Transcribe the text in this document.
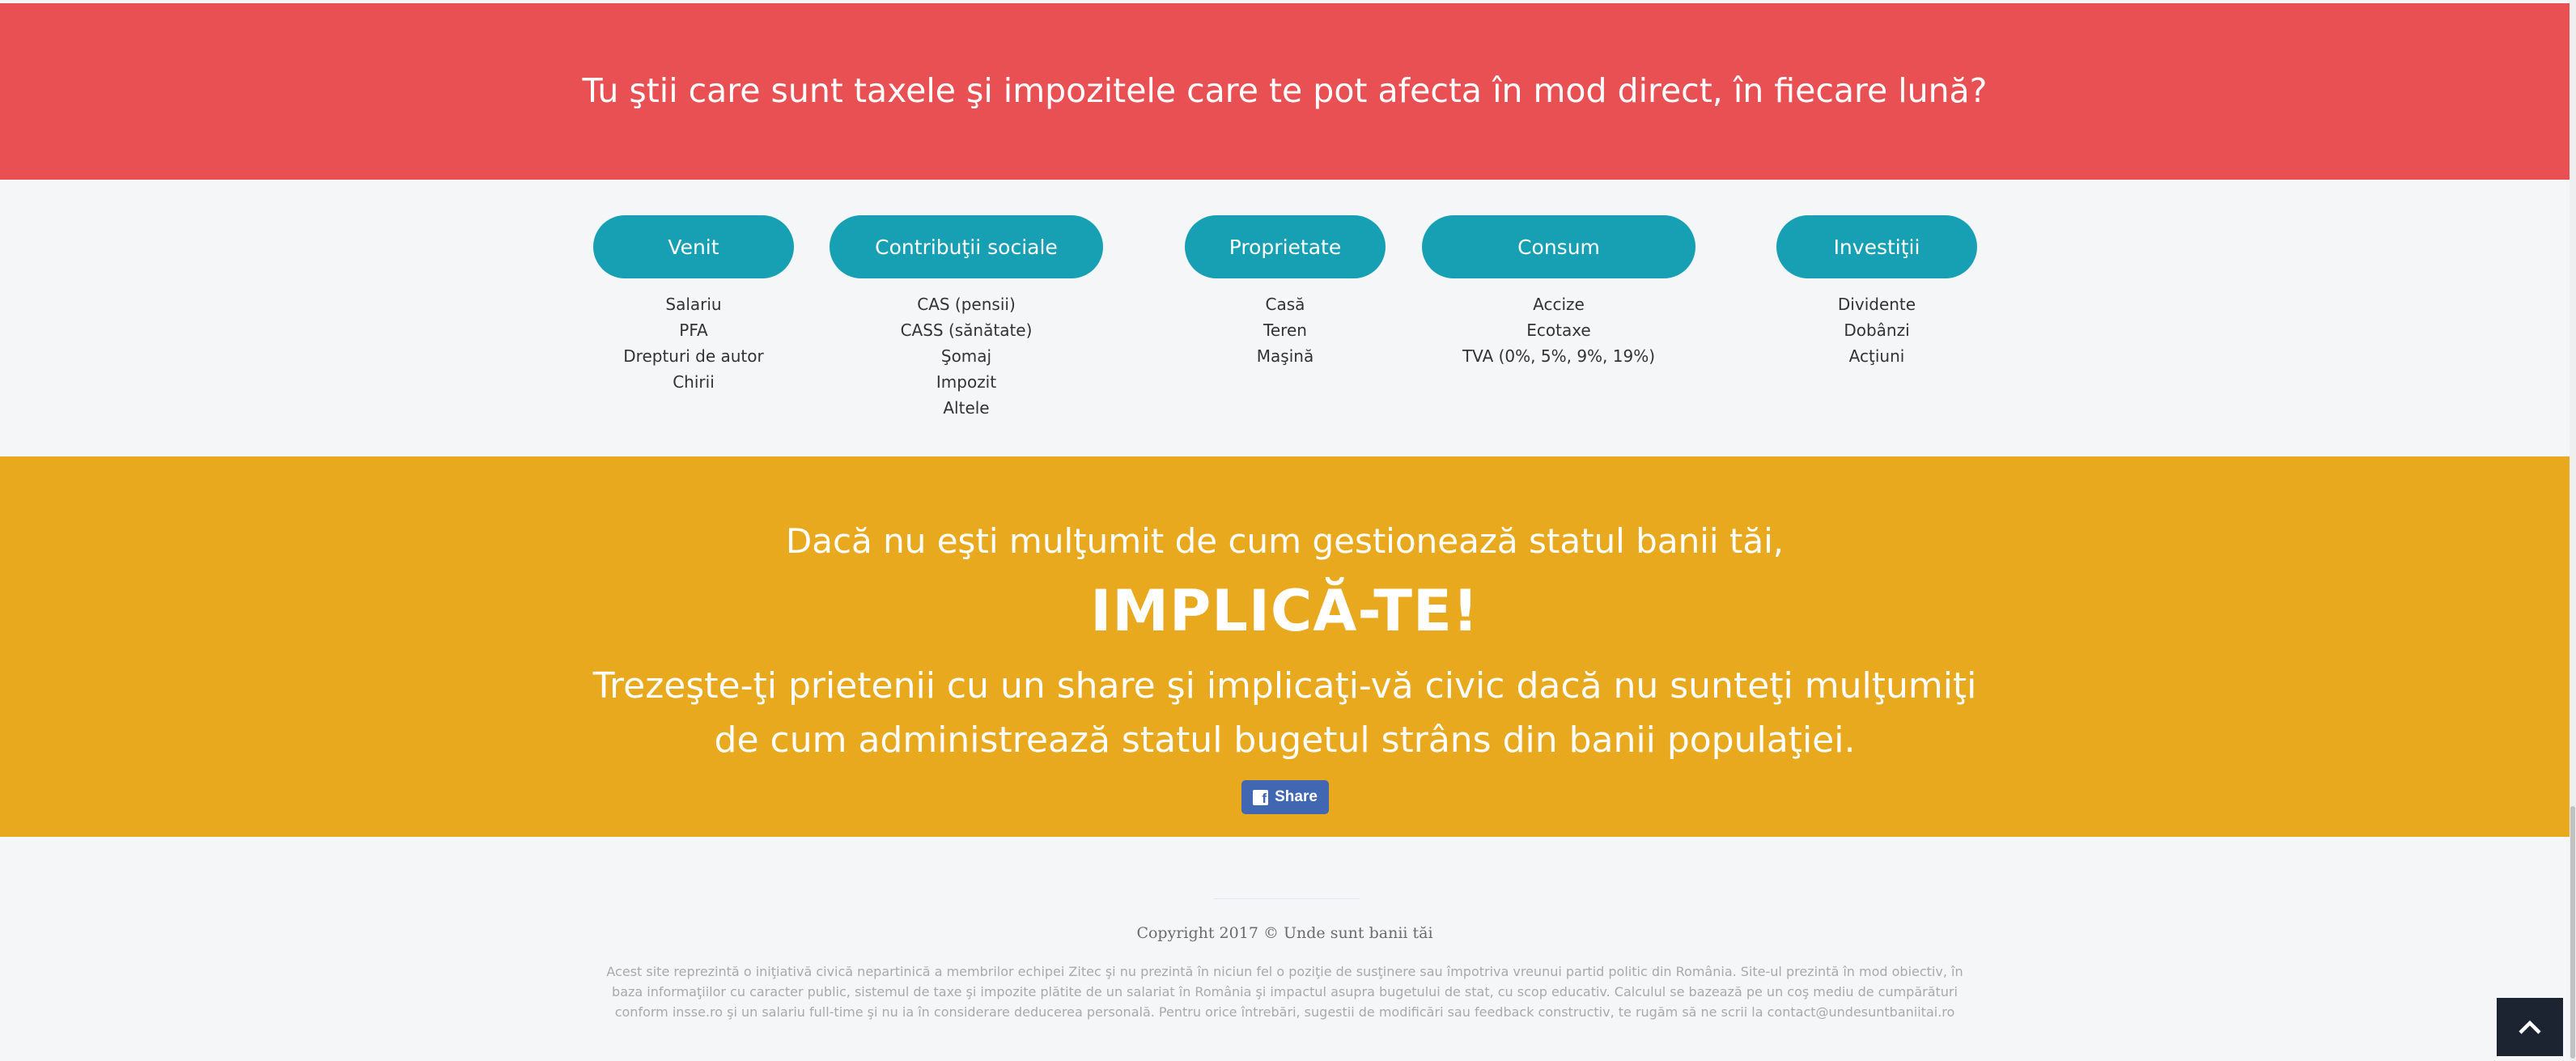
Tu ştii care sunt taxele şi impozitele care te pot afecta în mod direct, în fiecare lună?
Venit
Salariu
PFA
Drepturi de autor
Chirii
Contribuţii sociale
CAS (pensii)
CASS (sănătate)
Şomaj
Impozit
Altele
Proprietate
Casă
Teren
Maşină
Consum
Accize
Ecotaxe
TVA (0%, 5%, 9%, 19%)
Investiţii
Dividente
Dobânzi
Acţiuni
Dacă nu eşti mulţumit de cum gestionează statul banii tăi,
IMPLICĂ-TE!
Trezeşte-ţi prietenii cu un share şi implicaţi-vă civic dacă nu sunteţi mulţumiţi de cum administrează statul bugetul strâns din banii populaţiei.
f Share
Copyright 2017 © Unde sunt banii tăi
Acest site reprezintă o iniţiativă civică nepartinică a membrilor echipei Zitec şi nu prezintă în niciun fel o poziţie de susţinere sau împotriva vreunui partid politic din România. Site-ul prezintă în mod obiectiv, în baza informaţiilor cu caracter public, sistemul de taxe şi impozite plătite de un salariat în România şi impactul asupra bugetului de stat, cu scop educativ. Calculul se bazează pe un coş mediu de cumpărături conform insse.ro şi un salariu full-time şi nu ia în considerare deducerea personală. Pentru orice întrebări, sugestii de modificări sau feedback constructiv, te rugăm să ne scrii la contact@undesuntbaniitai.ro
